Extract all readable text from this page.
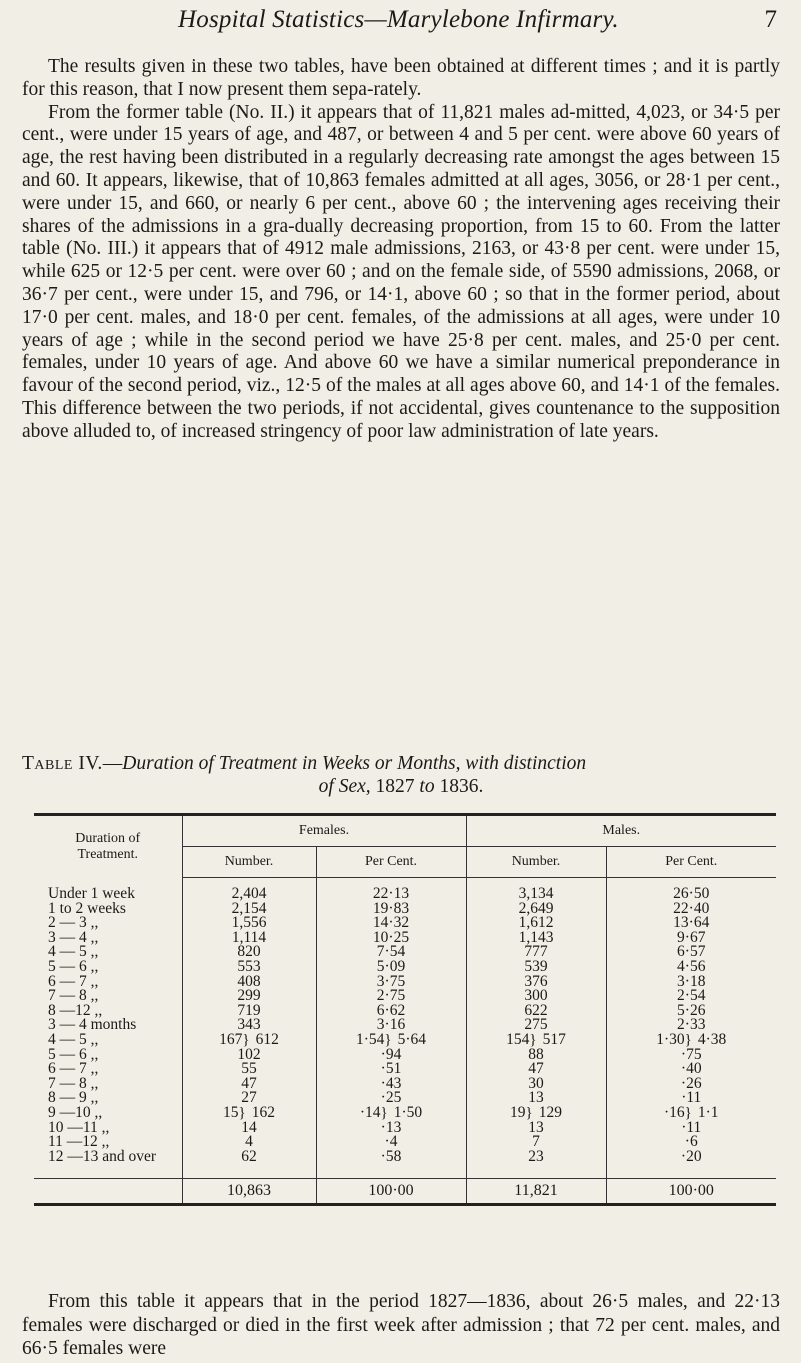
Hospital Statistics—Marylebone Infirmary.	7

The results given in these two tables, have been obtained at different times ; and it is partly for this reason, that I now present them sepa-rately.

From the former table (No. II.) it appears that of 11,821 males ad-mitted, 4,023, or 34·5 per cent., were under 15 years of age, and 487, or between 4 and 5 per cent. were above 60 years of age, the rest having been distributed in a regularly decreasing rate amongst the ages between 15 and 60. It appears, likewise, that of 10,863 females admitted at all ages, 3056, or 28·1 per cent., were under 15, and 660, or nearly 6 per cent., above 60 ; the intervening ages receiving their shares of the admissions in a gra-dually decreasing proportion, from 15 to 60. From the latter table (No. III.) it appears that of 4912 male admissions, 2163, or 43·8 per cent. were under 15, while 625 or 12·5 per cent. were over 60 ; and on the female side, of 5590 admissions, 2068, or 36·7 per cent., were under 15, and 796, or 14·1, above 60 ; so that in the former period, about 17·0 per cent. males, and 18·0 per cent. females, of the admissions at all ages, were under 10 years of age ; while in the second period we have 25·8 per cent. males, and 25·0 per cent. females, under 10 years of age. And above 60 we have a similar numerical preponderance in favour of the second period, viz., 12·5 of the males at all ages above 60, and 14·1 of the females. This difference between the two periods, if not accidental, gives countenance to the supposition above alluded to, of increased stringency of poor law administration of late years.

Table IV.—Duration of Treatment in Weeks or Months, with distinction
of Sex, 1827 to 1836.
Duration of Treatment.	Females.		Males.	
	Number.	Per Cent.	Number.	Per Cent.
Under 1 week	2,404	22·13	3,134	26·50
1 to 2 weeks	2,154	19·83	2,649	22·40
2 — 3 ,,	1,556	14·32	1,612	13·64
3 — 4 ,,	1,114	10·25	1,143	9·67
4 — 5 ,,	820	7·54	777	6·57
5 — 6 ,,	553	5·09	539	4·56
6 — 7 ,,	408	3·75	376	3·18
7 — 8 ,,	299	2·75	300	2·54
8 —12 ,,	719	6·62	622	5·26
3 — 4 months	343	3·16	275	2·33
4 — 5 ,,	167} 612	1·54} 5·64	154} 517	1·30} 4·38
5 — 6 ,,	102	·94	88	·75
6 — 7 ,,	55	·51	47	·40
7 — 8 ,,	47	·43	30	·26
8 — 9 ,,	27	·25	13	·11
9 —10 ,,	15} 162	·14} 1·50	19} 129	·16} 1·1
10 —11 ,,	14	·13	13	·11
11 —12 ,,	4	·4	7	·6
12 —13 and over	62	·58	23	·20

	10,863	100·00	11,821	100·00

From this table it appears that in the period 1827—1836, about 26·5 males, and 22·13 females were discharged or died in the first week after admission ; that 72 per cent. males, and 66·5 females were
